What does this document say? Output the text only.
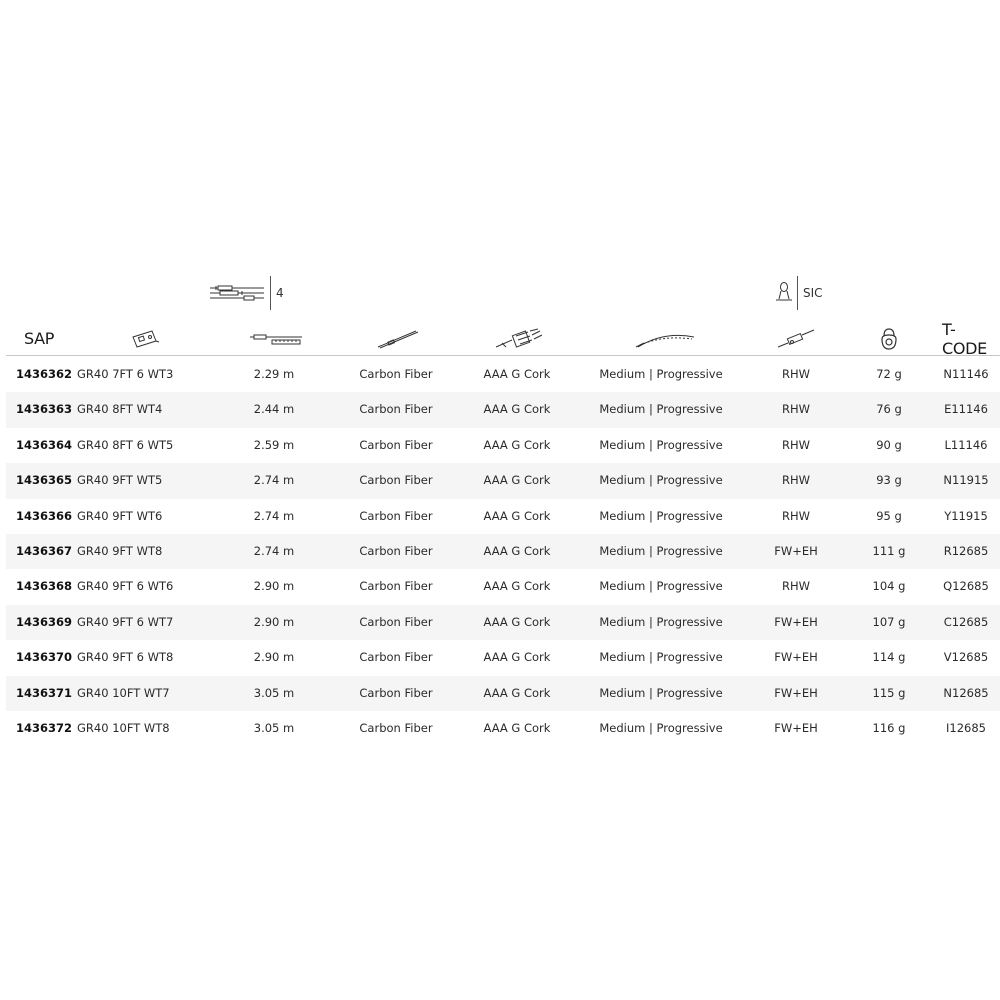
4	SIC
SAP	T-CODE
1436362 GR40 7FT 6 WT3	2.29 m	Carbon Fiber	AAA G Cork	Medium | Progressive	RHW	72 g	N11146
1436363 GR40 8FT WT4	2.44 m	Carbon Fiber	AAA G Cork	Medium | Progressive	RHW	76 g	E11146
1436364 GR40 8FT 6 WT5	2.59 m	Carbon Fiber	AAA G Cork	Medium | Progressive	RHW	90 g	L11146
1436365 GR40 9FT WT5	2.74 m	Carbon Fiber	AAA G Cork	Medium | Progressive	RHW	93 g	N11915
1436366 GR40 9FT WT6	2.74 m	Carbon Fiber	AAA G Cork	Medium | Progressive	RHW	95 g	Y11915
1436367 GR40 9FT WT8	2.74 m	Carbon Fiber	AAA G Cork	Medium | Progressive	FW+EH	111 g	R12685
1436368 GR40 9FT 6 WT6	2.90 m	Carbon Fiber	AAA G Cork	Medium | Progressive	RHW	104 g	Q12685
1436369 GR40 9FT 6 WT7	2.90 m	Carbon Fiber	AAA G Cork	Medium | Progressive	FW+EH	107 g	C12685
1436370 GR40 9FT 6 WT8	2.90 m	Carbon Fiber	AAA G Cork	Medium | Progressive	FW+EH	114 g	V12685
1436371 GR40 10FT WT7	3.05 m	Carbon Fiber	AAA G Cork	Medium | Progressive	FW+EH	115 g	N12685
1436372 GR40 10FT WT8	3.05 m	Carbon Fiber	AAA G Cork	Medium | Progressive	FW+EH	116 g	I12685
